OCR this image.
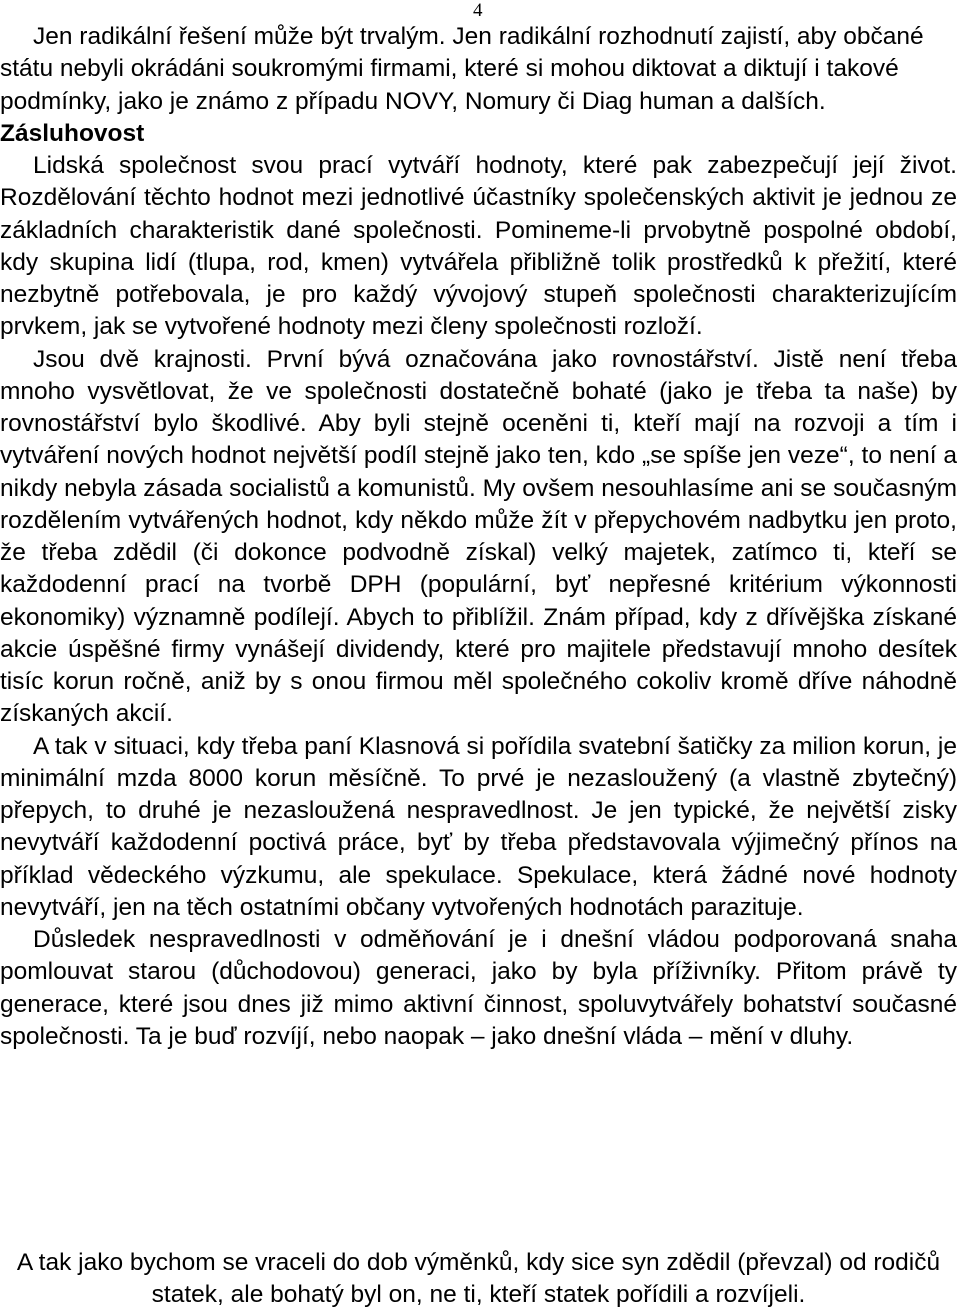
4

Jen radikální řešení může být trvalým. Jen radikální rozhodnutí zajistí, aby občané státu nebyli okrádáni soukromými firmami, které si mohou diktovat a diktují i takové podmínky, jako je známo z případu NOVY, Nomury či Diag human a dalších.

Zásluhovost

Lidská společnost svou prací vytváří hodnoty, které pak zabezpečují její život. Rozdělování těchto hodnot mezi jednotlivé účastníky společenských aktivit je jednou ze základních charakteristik dané společnosti. Pomineme-li prvobytně pospolné období, kdy skupina lidí (tlupa, rod, kmen) vytvářela přibližně tolik prostředků k přežití, které nezbytně potřebovala, je pro každý vývojový stupeň společnosti charakterizujícím prvkem, jak se vytvořené hodnoty mezi členy společnosti rozloží.

Jsou dvě krajnosti. První bývá označována jako rovnostářství. Jistě není třeba mnoho vysvětlovat, že ve společnosti dostatečně bohaté (jako je třeba ta naše) by rovnostářství bylo škodlivé. Aby byli stejně oceněni ti, kteří mají na rozvoji a tím i vytváření nových hodnot největší podíl stejně jako ten, kdo „se spíše jen veze“, to není a nikdy nebyla zásada socialistů a komunistů. My ovšem nesouhlasíme ani se současným rozdělením vytvářených hodnot, kdy někdo může žít v přepychovém nadbytku jen proto, že třeba zdědil (či dokonce podvodně získal) velký majetek, zatímco ti, kteří se každodenní prací na tvorbě DPH (populární, byť nepřesné kritérium výkonnosti ekonomiky) významně podílejí. Abych to přiblížil. Znám případ, kdy z dřívějška získané akcie úspěšné firmy vynášejí dividendy, které pro majitele představují mnoho desítek tisíc korun ročně, aniž by s onou firmou měl společného cokoliv kromě dříve náhodně získaných akcií.

A tak v situaci, kdy třeba paní Klasnová si pořídila svatební šatičky za milion korun, je minimální mzda 8000 korun měsíčně. To prvé je nezasloužený (a vlastně zbytečný) přepych, to druhé je nezasloužená nespravedlnost. Je jen typické, že největší zisky nevytváří každodenní poctivá práce, byť by třeba představovala výjimečný přínos na příklad vědeckého výzkumu, ale spekulace. Spekulace, která žádné nové hodnoty nevytváří, jen na těch ostatními občany vytvořených hodnotách parazituje.

Důsledek nespravedlnosti v odměňování je i dnešní vládou podporovaná snaha pomlouvat starou (důchodovou) generaci, jako by byla příživníky. Přitom právě ty generace, které jsou dnes již mimo aktivní činnost, spoluvytvářely bohatství současné společnosti. Ta je buď rozvíjí, nebo naopak – jako dnešní vláda – mění v dluhy.

A tak jako bychom se vraceli do dob výměnků, kdy sice syn zdědil (převzal) od rodičů statek, ale bohatý byl on, ne ti, kteří statek pořídili a rozvíjeli.
